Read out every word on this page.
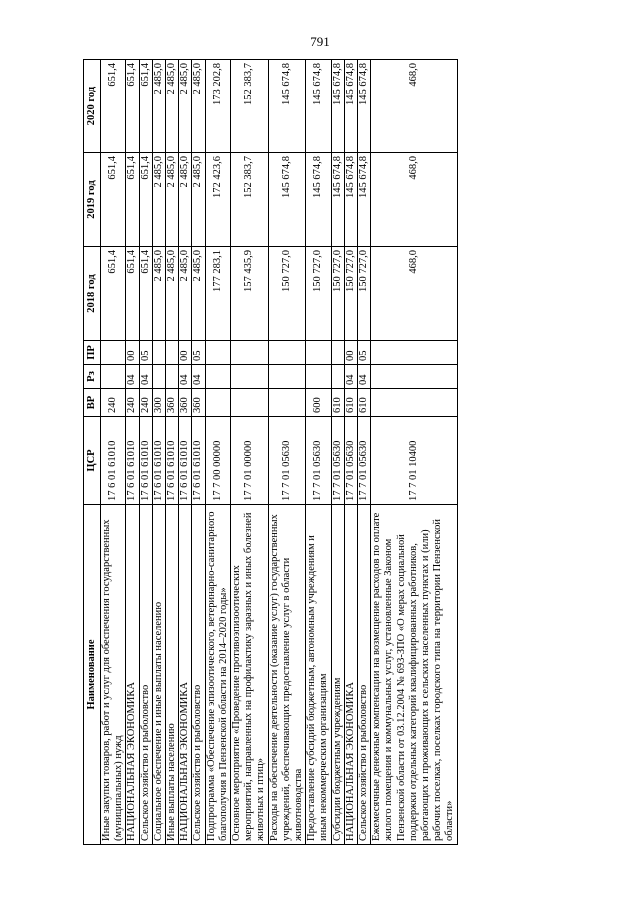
791
Наименование	ЦСР	ВР	Рз	ПР	2018 год	2019 год	2020 год
Иные закупки товаров, работ и услуг для обеспечения государственных (муниципальных) нужд	17 6 01 61010	240			651,4	651,4	651,4
НАЦИОНАЛЬНАЯ ЭКОНОМИКА	17 6 01 61010	240	04	00	651,4	651,4	651,4
Сельское хозяйство и рыболовство	17 6 01 61010	240	04	05	651,4	651,4	651,4
Социальное обеспечение и иные выплаты населению	17 6 01 61010	300			2 485,0	2 485,0	2 485,0
Иные выплаты населению	17 6 01 61010	360			2 485,0	2 485,0	2 485,0
НАЦИОНАЛЬНАЯ ЭКОНОМИКА	17 6 01 61010	360	04	00	2 485,0	2 485,0	2 485,0
Сельское хозяйство и рыболовство	17 6 01 61010	360	04	05	2 485,0	2 485,0	2 485,0
Подпрограмма «Обеспечение эпизоотического, ветеринарно-санитарного благополучия в Пензенской области на 2014–2020 годы»	17 7 00 00000				177 283,1	172 423,6	173 202,8
Основное мероприятие «Проведение противоэпизоотических мероприятий, направленных на профилактику заразных и иных болезней животных и птиц»	17 7 01 00000				157 435,9	152 383,7	152 383,7
Расходы на обеспечение деятельности (оказание услуг) государственных учреждений, обеспечивающих предоставление услуг в области животноводства	17 7 01 05630				150 727,0	145 674,8	145 674,8
Предоставление субсидий бюджетным, автономным учреждениям и иным некоммерческим организациям	17 7 01 05630	600			150 727,0	145 674,8	145 674,8
Субсидии бюджетным учреждениям	17 7 01 05630	610			150 727,0	145 674,8	145 674,8
НАЦИОНАЛЬНАЯ ЭКОНОМИКА	17 7 01 05630	610	04	00	150 727,0	145 674,8	145 674,8
Сельское хозяйство и рыболовство	17 7 01 05630	610	04	05	150 727,0	145 674,8	145 674,8
Ежемесячные денежные компенсации на возмещение расходов по оплате жилого помещения и коммунальных услуг, установленные Законом Пензенской области от 03.12.2004 № 693-ЗПО «О мерах социальной поддержки отдельных категорий квалифицированных работников, работающих и проживающих в сельских населенных пунктах и (или) рабочих поселках, поселках городского типа на территории Пензенской области»	17 7 01 10400				468,0	468,0	468,0
